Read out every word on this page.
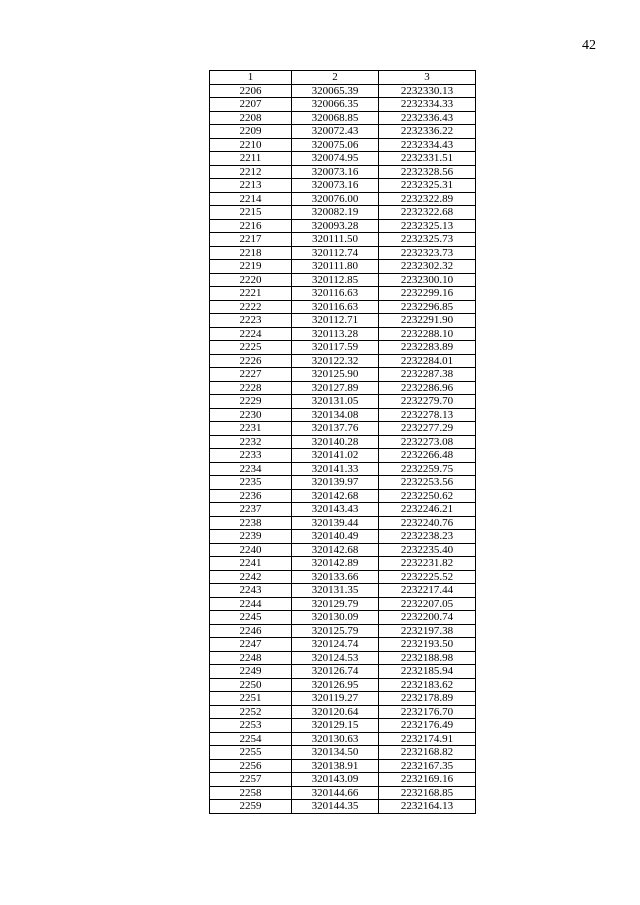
42
1	2	3
2206	320065.39	2232330.13
2207	320066.35	2232334.33
2208	320068.85	2232336.43
2209	320072.43	2232336.22
2210	320075.06	2232334.43
2211	320074.95	2232331.51
2212	320073.16	2232328.56
2213	320073.16	2232325.31
2214	320076.00	2232322.89
2215	320082.19	2232322.68
2216	320093.28	2232325.13
2217	320111.50	2232325.73
2218	320112.74	2232323.73
2219	320111.80	2232302.32
2220	320112.85	2232300.10
2221	320116.63	2232299.16
2222	320116.63	2232296.85
2223	320112.71	2232291.90
2224	320113.28	2232288.10
2225	320117.59	2232283.89
2226	320122.32	2232284.01
2227	320125.90	2232287.38
2228	320127.89	2232286.96
2229	320131.05	2232279.70
2230	320134.08	2232278.13
2231	320137.76	2232277.29
2232	320140.28	2232273.08
2233	320141.02	2232266.48
2234	320141.33	2232259.75
2235	320139.97	2232253.56
2236	320142.68	2232250.62
2237	320143.43	2232246.21
2238	320139.44	2232240.76
2239	320140.49	2232238.23
2240	320142.68	2232235.40
2241	320142.89	2232231.82
2242	320133.66	2232225.52
2243	320131.35	2232217.44
2244	320129.79	2232207.05
2245	320130.09	2232200.74
2246	320125.79	2232197.38
2247	320124.74	2232193.50
2248	320124.53	2232188.98
2249	320126.74	2232185.94
2250	320126.95	2232183.62
2251	320119.27	2232178.89
2252	320120.64	2232176.70
2253	320129.15	2232176.49
2254	320130.63	2232174.91
2255	320134.50	2232168.82
2256	320138.91	2232167.35
2257	320143.09	2232169.16
2258	320144.66	2232168.85
2259	320144.35	2232164.13
